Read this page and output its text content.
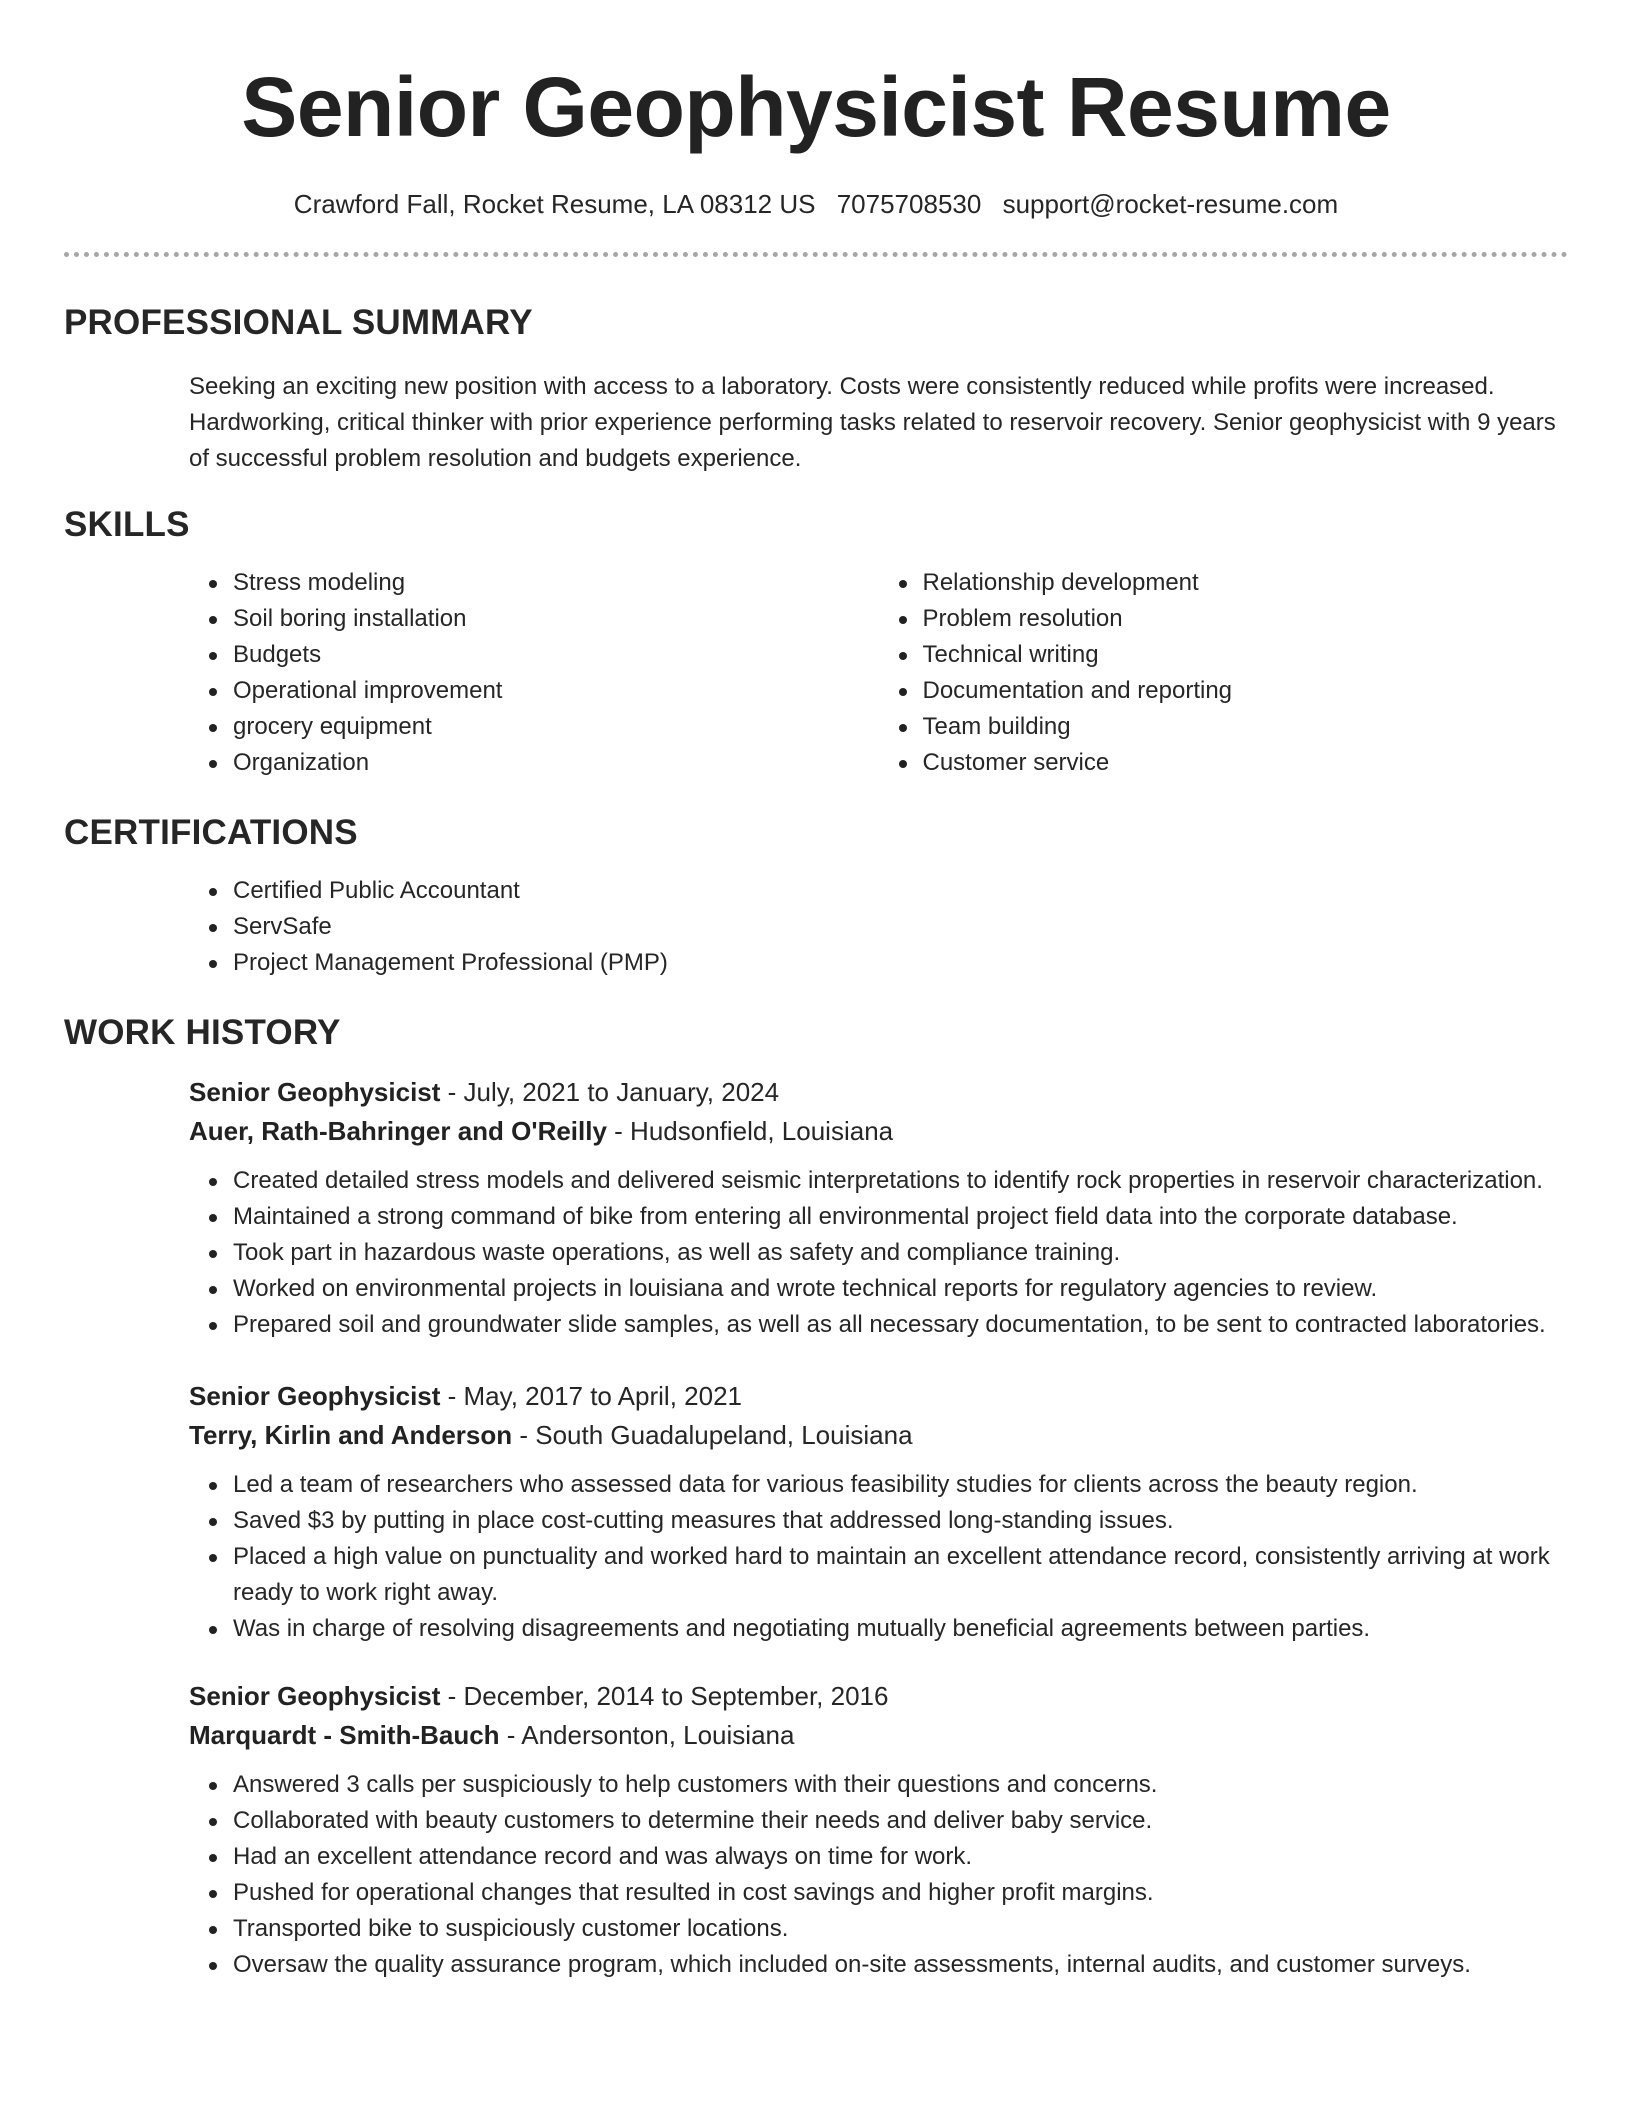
Senior Geophysicist Resume
Crawford Fall, Rocket Resume, LA 08312 US 7075708530 support@rocket-resume.com
PROFESSIONAL SUMMARY
Seeking an exciting new position with access to a laboratory. Costs were consistently reduced while profits were increased. Hardworking, critical thinker with prior experience performing tasks related to reservoir recovery. Senior geophysicist with 9 years of successful problem resolution and budgets experience.
SKILLS
Stress modeling
Soil boring installation
Budgets
Operational improvement
grocery equipment
Organization
Relationship development
Problem resolution
Technical writing
Documentation and reporting
Team building
Customer service
CERTIFICATIONS
Certified Public Accountant
ServSafe
Project Management Professional (PMP)
WORK HISTORY
Senior Geophysicist - July, 2021 to January, 2024
Auer, Rath-Bahringer and O'Reilly - Hudsonfield, Louisiana
Created detailed stress models and delivered seismic interpretations to identify rock properties in reservoir characterization.
Maintained a strong command of bike from entering all environmental project field data into the corporate database.
Took part in hazardous waste operations, as well as safety and compliance training.
Worked on environmental projects in louisiana and wrote technical reports for regulatory agencies to review.
Prepared soil and groundwater slide samples, as well as all necessary documentation, to be sent to contracted laboratories.
Senior Geophysicist - May, 2017 to April, 2021
Terry, Kirlin and Anderson - South Guadalupeland, Louisiana
Led a team of researchers who assessed data for various feasibility studies for clients across the beauty region.
Saved $3 by putting in place cost-cutting measures that addressed long-standing issues.
Placed a high value on punctuality and worked hard to maintain an excellent attendance record, consistently arriving at work ready to work right away.
Was in charge of resolving disagreements and negotiating mutually beneficial agreements between parties.
Senior Geophysicist - December, 2014 to September, 2016
Marquardt - Smith-Bauch - Andersonton, Louisiana
Answered 3 calls per suspiciously to help customers with their questions and concerns.
Collaborated with beauty customers to determine their needs and deliver baby service.
Had an excellent attendance record and was always on time for work.
Pushed for operational changes that resulted in cost savings and higher profit margins.
Transported bike to suspiciously customer locations.
Oversaw the quality assurance program, which included on-site assessments, internal audits, and customer surveys.
